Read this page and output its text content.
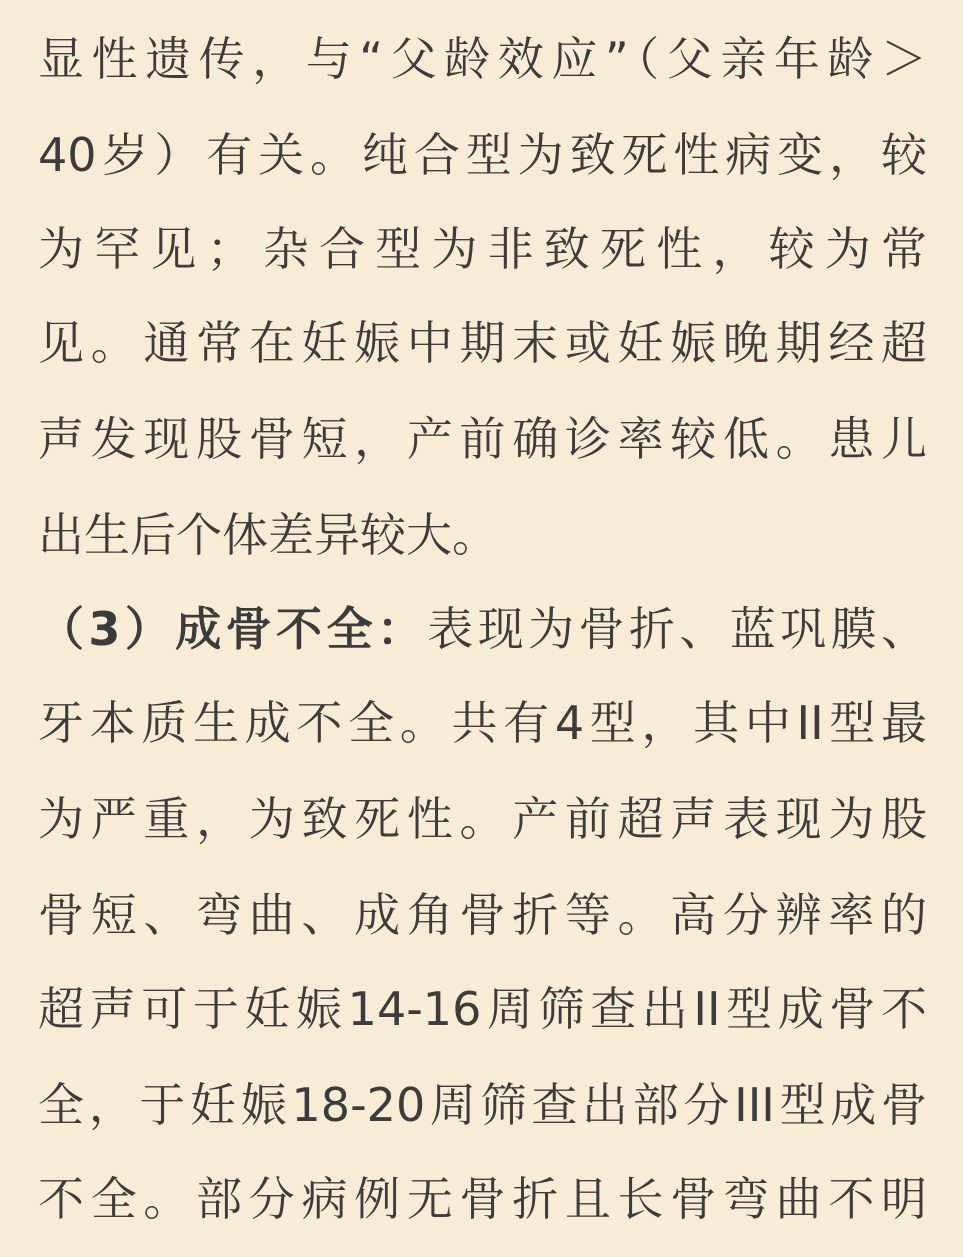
显性遗传，与“父龄效应”（父亲年龄＞
40岁）有关。纯合型为致死性病变，较
为罕见；杂合型为非致死性，较为常
见。通常在妊娠中期末或妊娠晚期经超
声发现股骨短，产前确诊率较低。患儿
出生后个体差异较大。
（3）成骨不全：表现为骨折、蓝巩膜、
牙本质生成不全。共有4型，其中II型最
为严重，为致死性。产前超声表现为股
骨短、弯曲、成角骨折等。高分辨率的
超声可于妊娠14-16周筛查出II型成骨不
全，于妊娠18-20周筛查出部分III型成骨
不全。部分病例无骨折且长骨弯曲不明
